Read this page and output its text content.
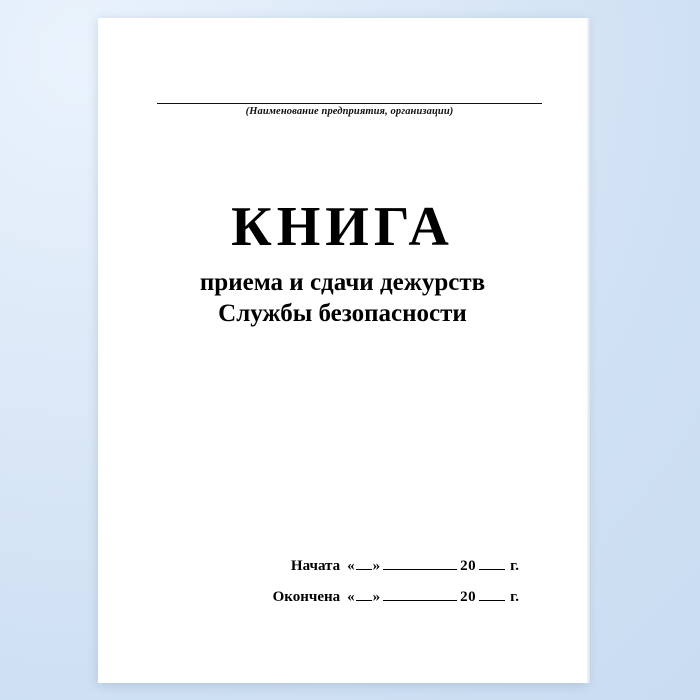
(Наименование предприятия, организации)
КНИГА
приема и сдачи дежурств
Службы безопасности
Начата « »	20 г.
Окончена « »	20 г.
